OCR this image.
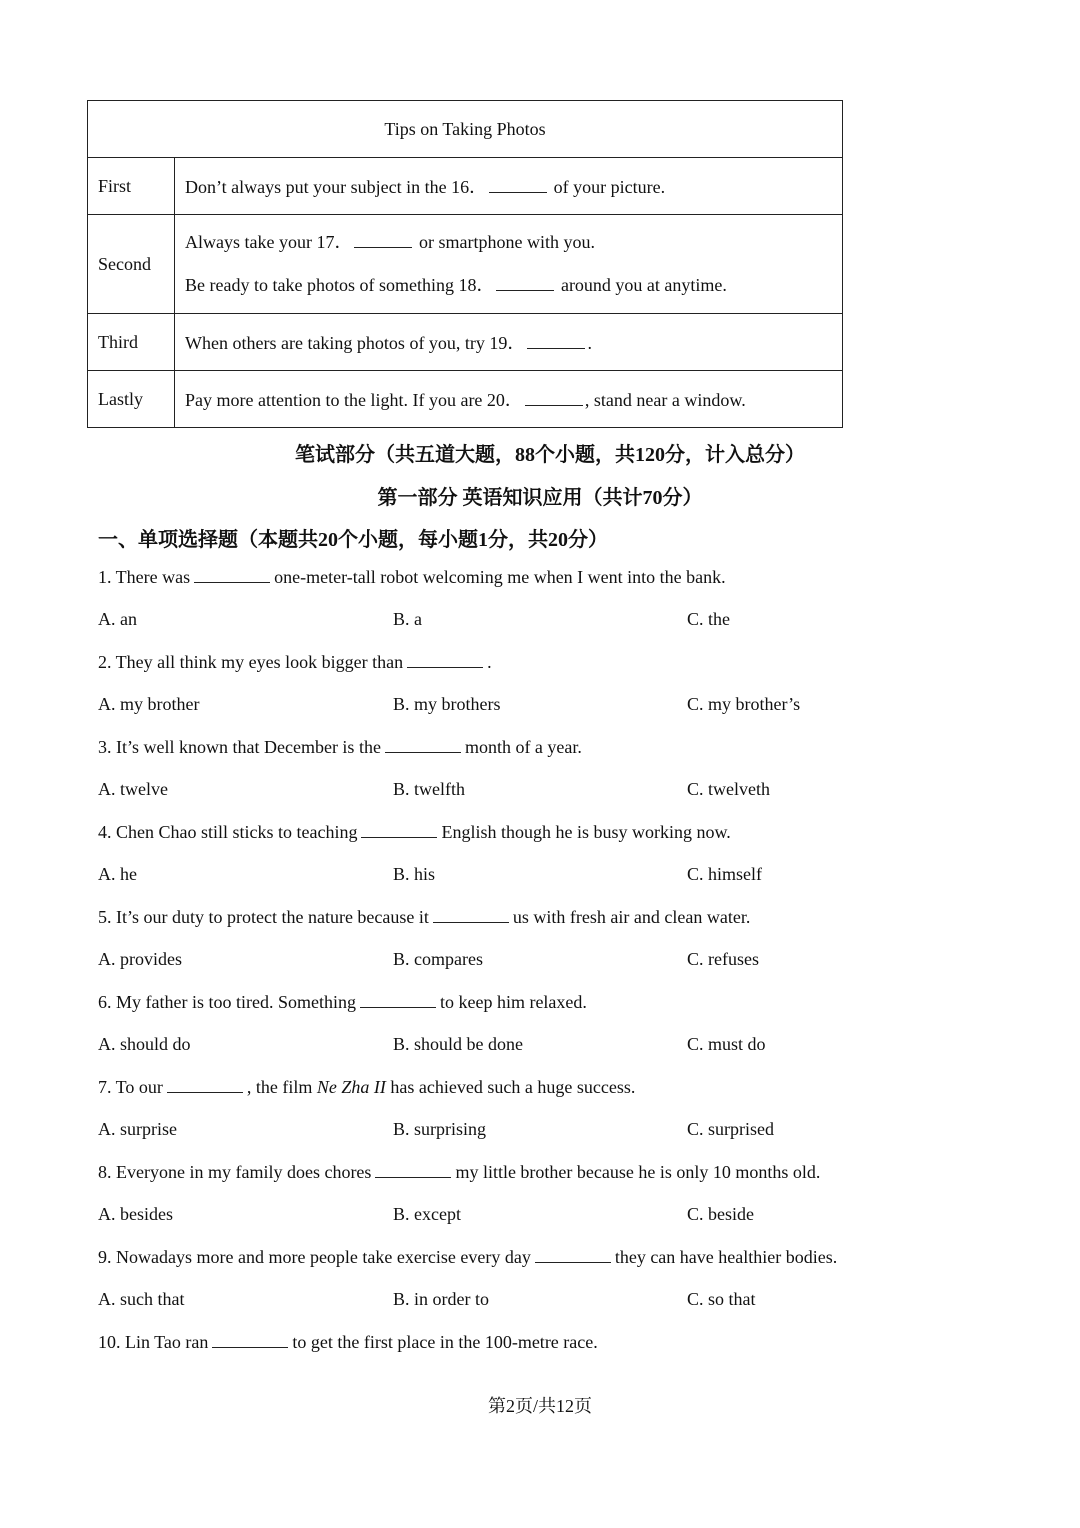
Tips on Taking Photos	
First	Don’t always put your subject in the 16． of your picture.
Second	Always take your 17． or smartphone with you.
Be ready to take photos of something 18． around you at anytime.

Third	When others are taking photos of you, try 19． .
Lastly	Pay more attention to the light. If you are 20． , stand near a window.
笔试部分（共五道大题，88个小题，共120分，计入总分）
第一部分 英语知识应用（共计70分）
一、单项选择题（本题共20个小题，每小题1分，共20分）
1. There was	one-meter-tall robot welcoming me when I went into the bank.
A. an	B. a	C. the
2. They all think my eyes look bigger than	.
A. my brother	B. my brothers	C. my brother’s
3. It’s well known that December is the	month of a year.
A. twelve	B. twelfth	C. twelveth
4. Chen Chao still sticks to teaching	English though he is busy working now.
A. he	B. his	C. himself
5. It’s our duty to protect the nature because it	us with fresh air and clean water.
A. provides	B. compares	C. refuses
6. My father is too tired. Something	to keep him relaxed.
A. should do	B. should be done	C. must do
7. To our	, the film Ne Zha II has achieved such a huge success.
A. surprise	B. surprising	C. surprised
8. Everyone in my family does chores	my little brother because he is only 10 months old.
A. besides	B. except	C. beside
9. Nowadays more and more people take exercise every day	they can have healthier bodies.
A. such that	B. in order to	C. so that
10. Lin Tao ran	to get the first place in the 100-metre race.
第2页/共12页
